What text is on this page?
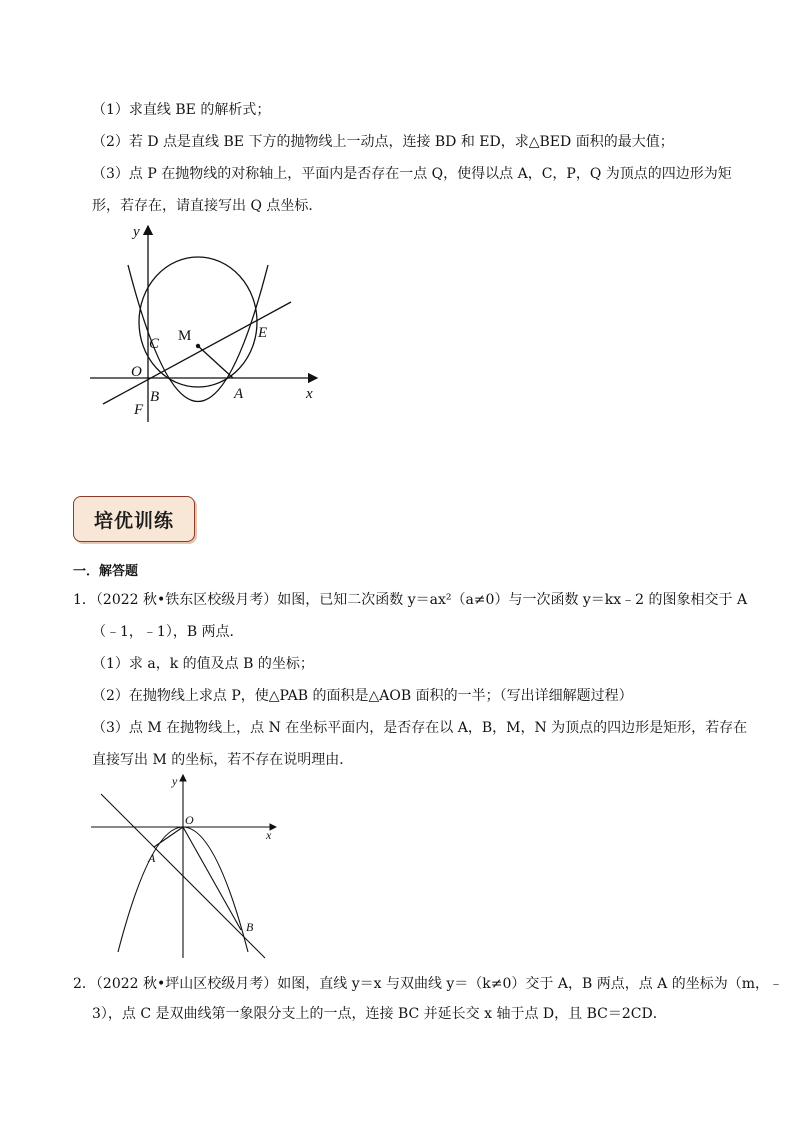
（1）求直线 BE 的解析式；
（2）若 D 点是直线 BE 下方的抛物线上一动点，连接 BD 和 ED，求△BED 面积的最大值；
（3）点 P 在抛物线的对称轴上，平面内是否存在一点 Q，使得以点 A，C，P，Q 为顶点的四边形为矩
形，若存在，请直接写出 Q 点坐标．
y
x
M
C
E
O
B	A
F
培优训练
一．解答题
1．（2022 秋•铁东区校级月考）如图，已知二次函数 y＝ax²（a≠0）与一次函数 y＝kx﹣2 的图象相交于 A
（﹣1，﹣1），B 两点．
（1）求 a，k 的值及点 B 的坐标；
（2）在抛物线上求点 P，使△PAB 的面积是△AOB 面积的一半；（写出详细解题过程）
（3）点 M 在抛物线上，点 N 在坐标平面内，是否存在以 A，B，M，N 为顶点的四边形是矩形，若存在
直接写出 M 的坐标，若不存在说明理由．
y
x
O
A
B
2．（2022 秋•坪山区校级月考）如图，直线 y＝x 与双曲线 y＝（k≠0）交于 A，B 两点，点 A 的坐标为（m，﹣
3），点 C 是双曲线第一象限分支上的一点，连接 BC 并延长交 x 轴于点 D，且 BC＝2CD．
